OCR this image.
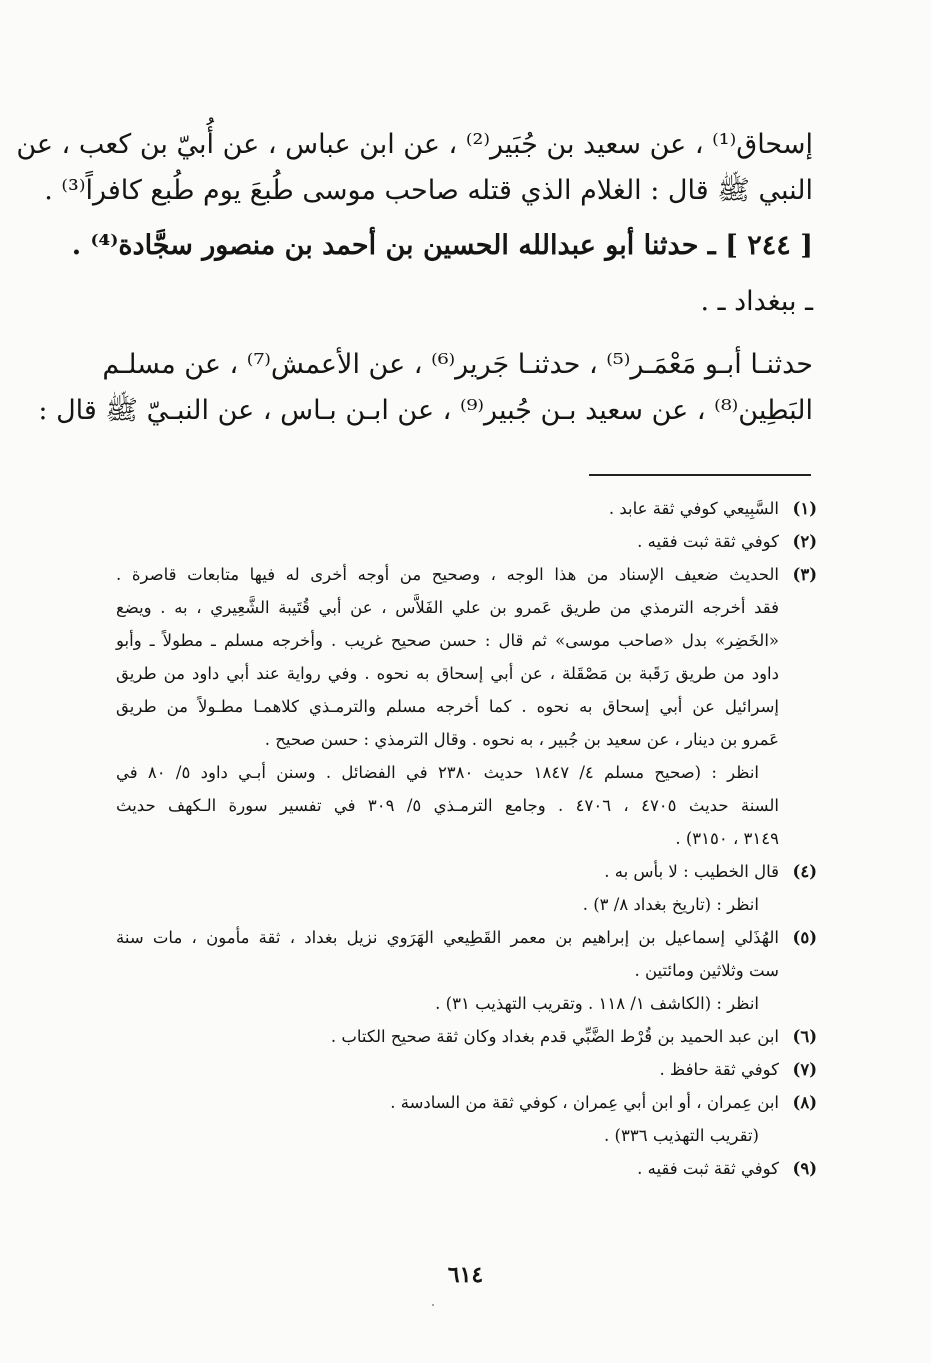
إسحاق⁽¹⁾ ، عن سعيد بن جُبَير⁽²⁾ ، عن ابن عباس ، عن أُبيّ بن كعب ، عن
النبي ﷺ قال : الغلام الذي قتله صاحب موسى طُبعَ يوم طُبع كافراً⁽³⁾ .
[ ٢٤٤ ] ـ حدثنا أبو عبدالله الحسين بن أحمد بن منصور سجَّادة⁽⁴⁾ .
ـ ببغداد ـ .
حدثنـا أبـو مَعْمَـر⁽⁵⁾ ، حدثنـا جَرير⁽⁶⁾ ، عن الأعمش⁽⁷⁾ ، عن مسلـم
البَطِين⁽⁸⁾ ، عن سعيد بـن جُبير⁽⁹⁾ ، عن ابـن بـاس ، عن النبـيّ ﷺ قال :
(١)
السَّبِيعي كوفي ثقة عابد .
(٢)
كوفي ثقة ثبت فقيه .
(٣)
الحديث ضعيف الإسناد من هذا الوجه ، وصحيح من أوجه أخرى له فيها متابعات قاصرة .
فقد أخرجه الترمذي من طريق عَمرو بن علي الفَلاَّس ، عن أبي قُتَيبة الشَّعِيري ، به . ويضع
«الخَضِر» بدل «صاحب موسى» ثم قال : حسن صحيح غريب . وأخرجه مسلم ـ مطولاً ـ وأبو
داود من طريق رَقَبة بن مَصْقَلة ، عن أبي إسحاق به نحوه . وفي رواية عند أبي داود من طريق
إسرائيل عن أبي إسحاق به نحوه . كما أخرجه مسلم والترمـذي كلاهمـا مطـولاً من طريق
عَمرو بن دينار ، عن سعيد بن جُبير ، به نحوه . وقال الترمذي : حسن صحيح .
انظر : (صحيح مسلم ٤/ ١٨٤٧ حديث ٢٣٨٠ في الفضائل . وسنن أبـي داود ٥/ ٨٠ في
السنة حديث ٤٧٠٥ ، ٤٧٠٦ . وجامع الترمـذي ٥/ ٣٠٩ في تفسير سورة الـكهف حديث
٣١٤٩ ، ٣١٥٠) .
(٤)
قال الخطيب : لا بأس به .
انظر : (تاريخ بغداد ٨/ ٣) .
(٥)
الهُذَلي إسماعيل بن إبراهيم بن معمر القَطِيعي الهَرَوي نزيل بغداد ، ثقة مأمون ، مات سنة
ست وثلاثين ومائتين .
انظر : (الكاشف ١/ ١١٨ . وتقريب التهذيب ٣١) .
(٦)
ابن عبد الحميد بن قُرْط الضَّبِّي قدم بغداد وكان ثقة صحيح الكتاب .
(٧)
كوفي ثقة حافظ .
(٨)
ابن عِمران ، أو ابن أبي عِمران ، كوفي ثقة من السادسة .
(تقريب التهذيب ٣٣٦) .
(٩)
كوفي ثقة ثبت فقيه .
٦١٤
